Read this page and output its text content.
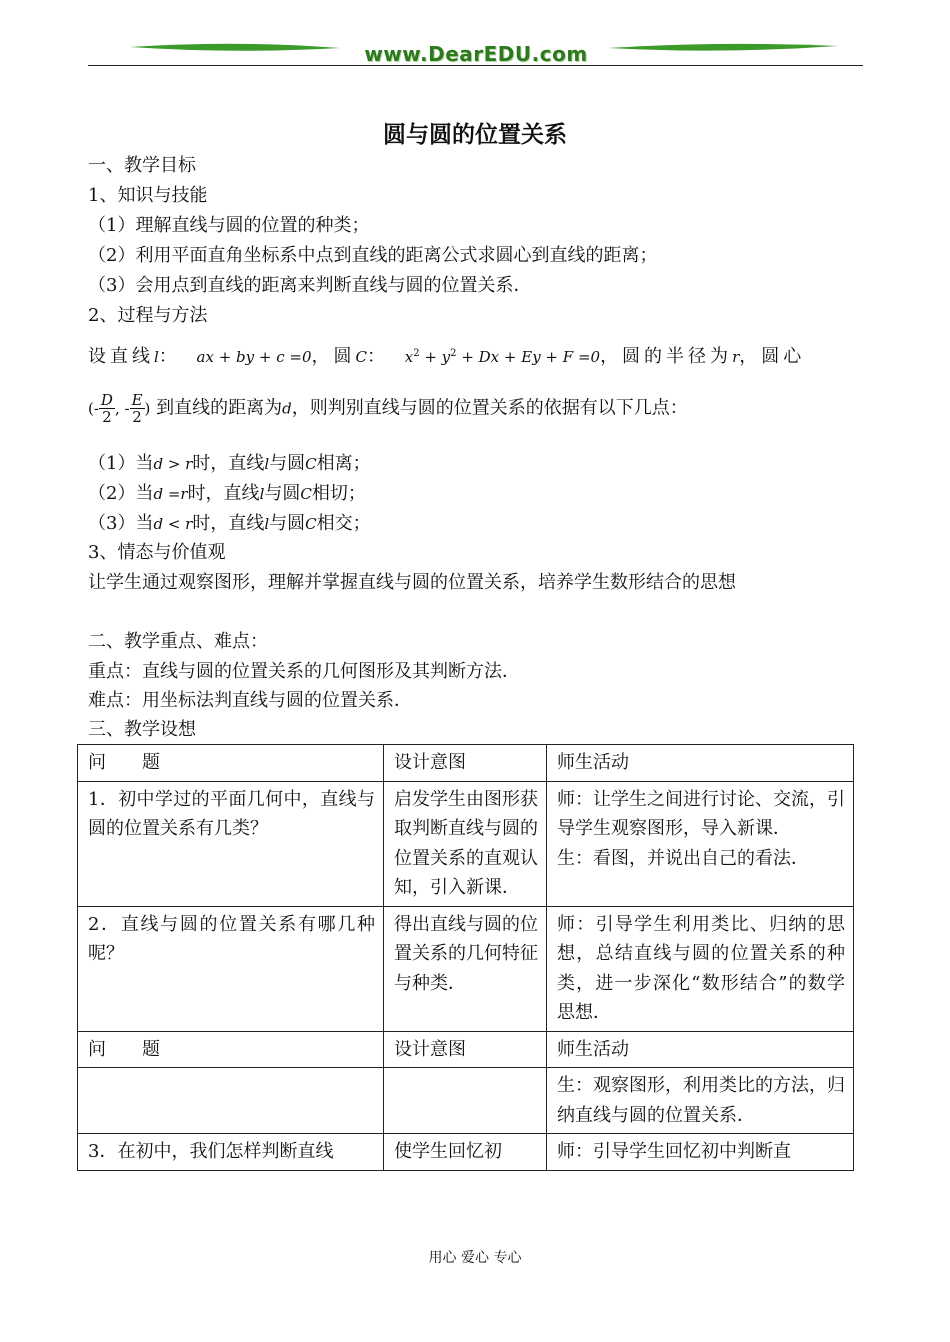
www.DearEDU.com
圆与圆的位置关系
一、教学目标
1、知识与技能
（1）理解直线与圆的位置的种类；
（2）利用平面直角坐标系中点到直线的距离公式求圆心到直线的距离；
（3）会用点到直线的距离来判断直线与圆的位置关系．
2、过程与方法
设直线l： ax + by + c =0，圆C： $x^2 + y^2 + Dx + Ey + F =0$，圆的半径为r，圆心
(- $\frac{D}{2}$ , - $\frac{E}{2}$ ) 到直线的距离为d，则判别直线与圆的位置关系的依据有以下几点：
（1）当d > r时，直线l与圆C相离；
（2）当d =r时，直线l与圆C相切；
（3）当d < r时，直线l与圆C相交；
3、情态与价值观
让学生通过观察图形，理解并掌握直线与圆的位置关系，培养学生数形结合的思想
二、教学重点、难点：
重点：直线与圆的位置关系的几何图形及其判断方法．
难点：用坐标法判直线与圆的位置关系．
三、教学设想
问　　题	设计意图	师生活动
1．初中学过的平面几何中，直线与圆的位置关系有几类？	启发学生由图形获取判断直线与圆的位置关系的直观认知，引入新课．	师：让学生之间进行讨论、交流，引导学生观察图形，导入新课．
生：看图，并说出自己的看法．

2．直线与圆的位置关系有哪几种呢？	得出直线与圆的位置关系的几何特征与种类．	师：引导学生利用类比、归纳的思想，总结直线与圆的位置关系的种类，进一步深化“数形结合”的数学思想．
问　　题	设计意图	师生活动
		生：观察图形，利用类比的方法，归纳直线与圆的位置关系．
3．在初中，我们怎样判断直线	使学生回忆初	师：引导学生回忆初中判断直
用心 爱心 专心
